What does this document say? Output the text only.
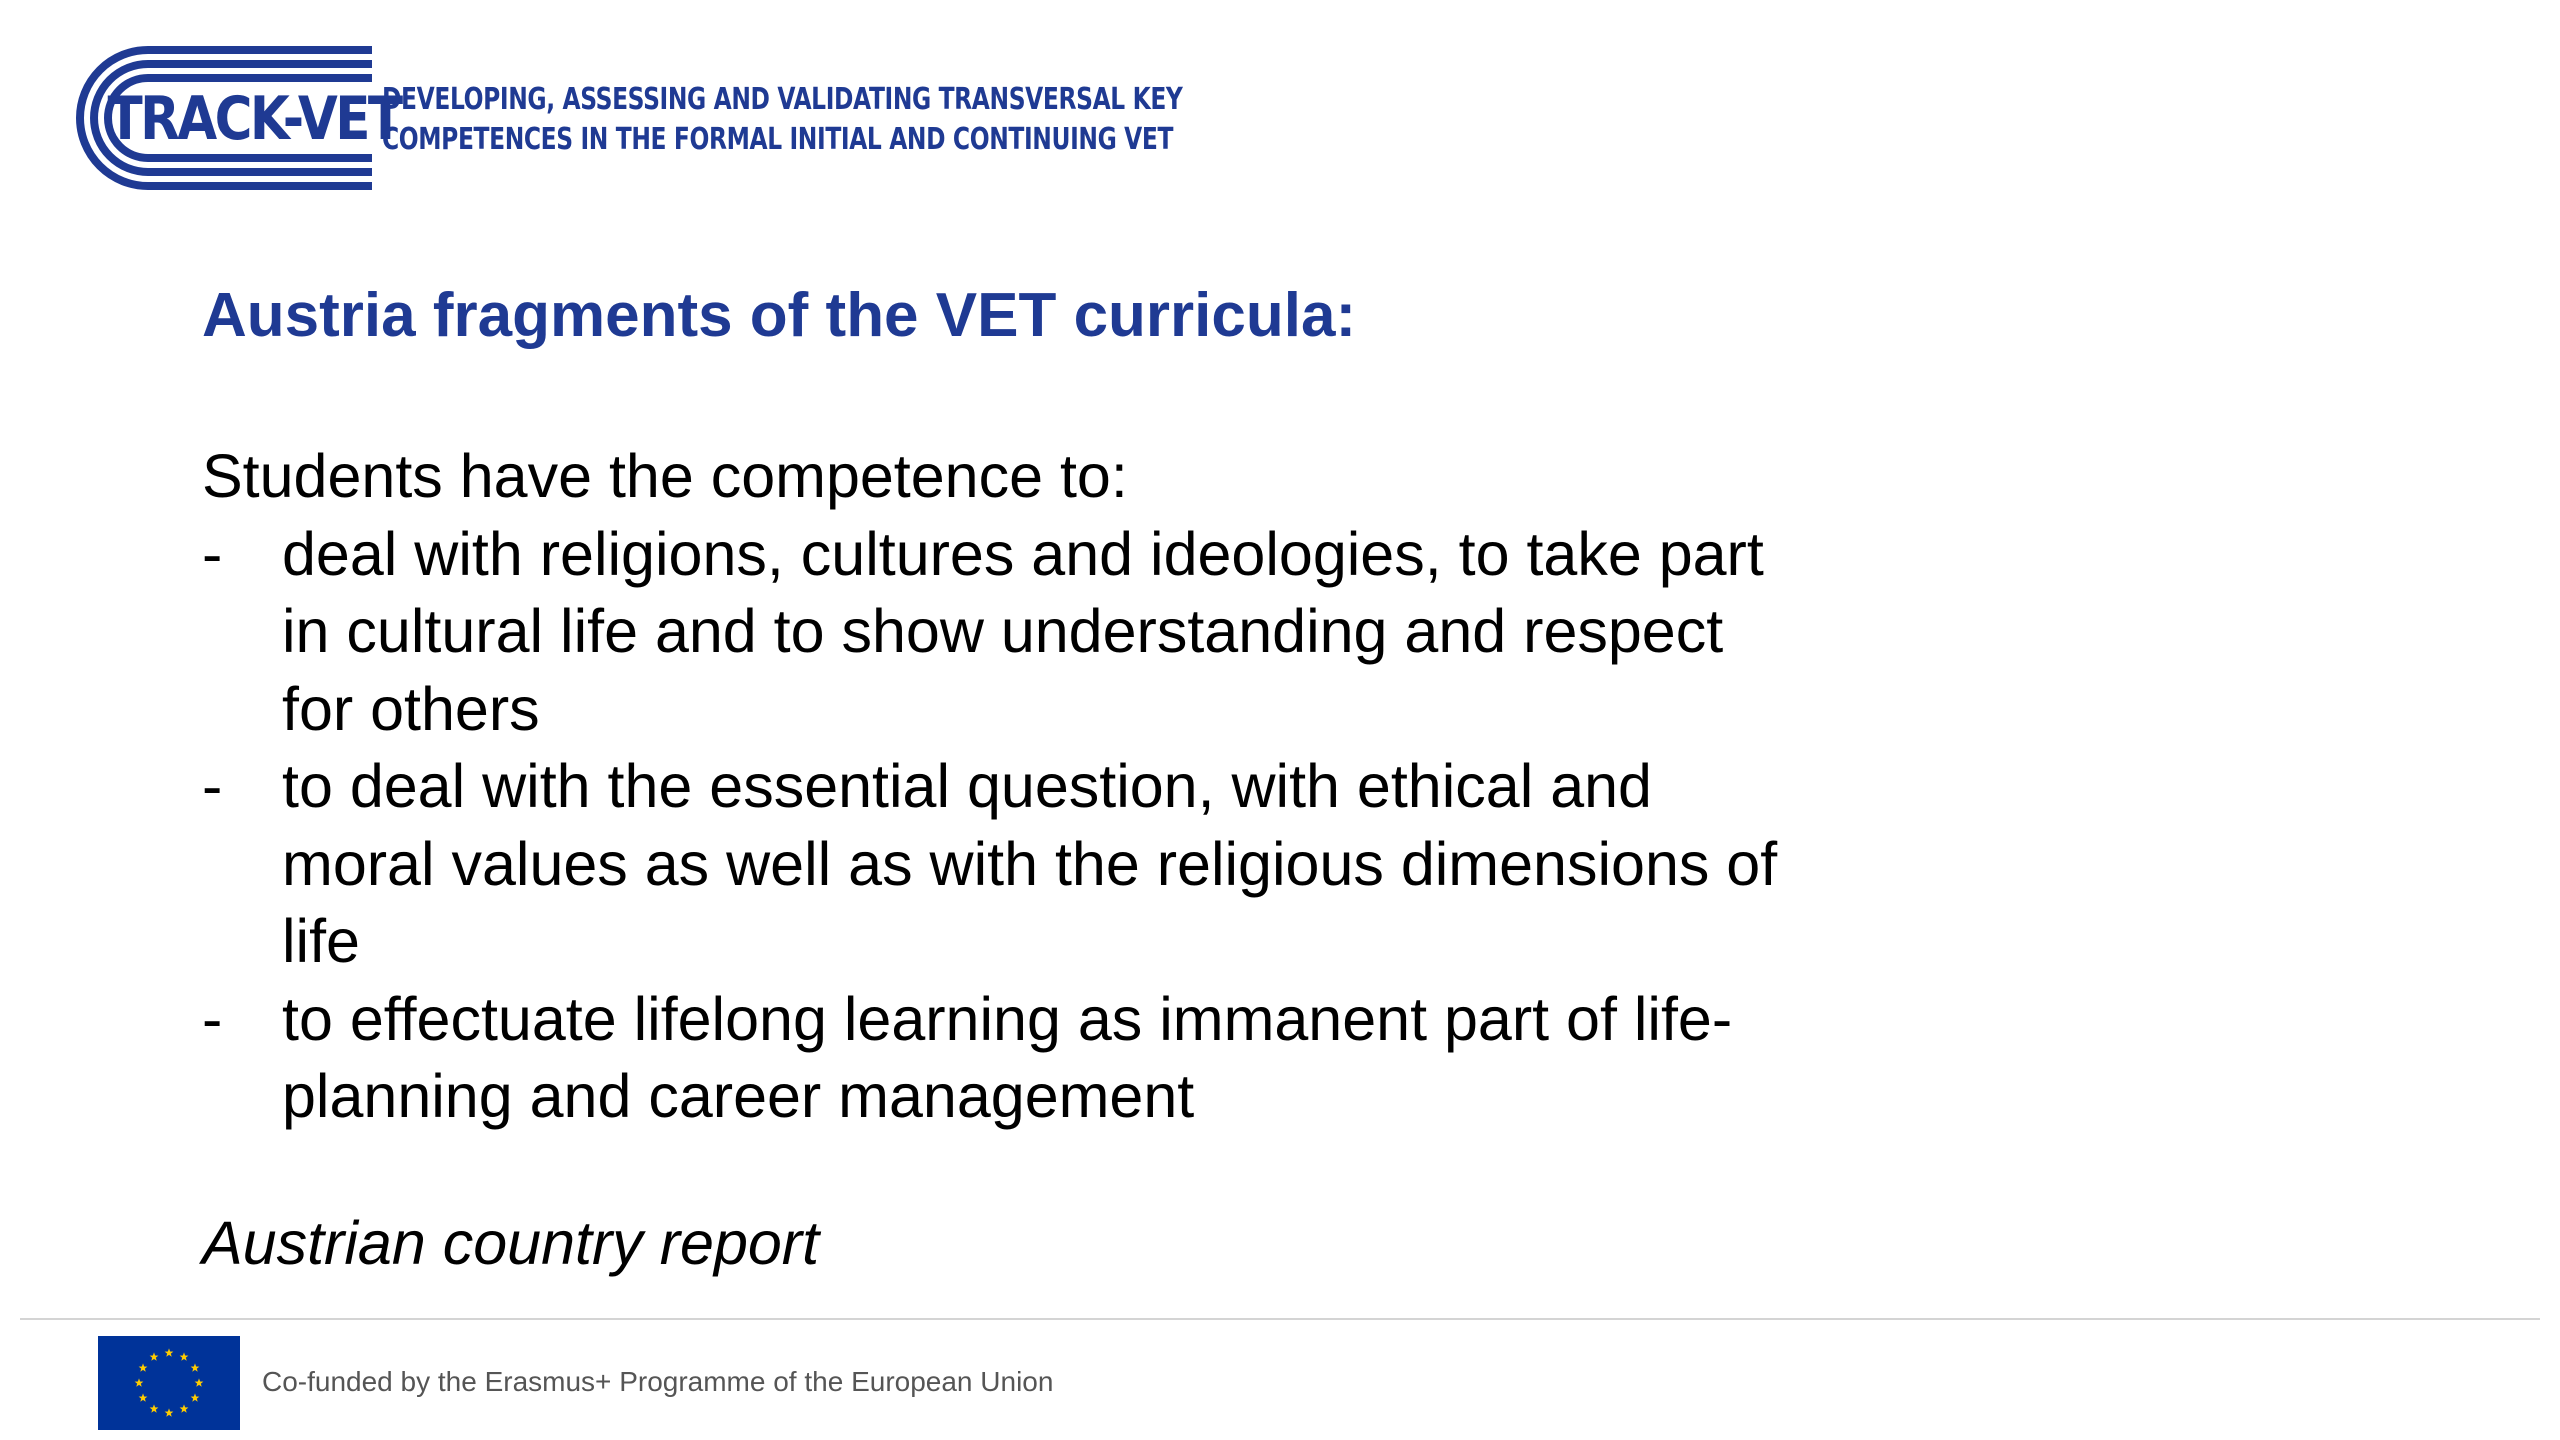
TRACK-VET
DEVELOPING, ASSESSING AND VALIDATING TRANSVERSAL KEY
COMPETENCES IN THE FORMAL INITIAL AND CONTINUING VET
Austria fragments of the VET curricula:
Students have the competence to:
- deal with religions, cultures and ideologies, to take part
in cultural life and to show understanding and respect
for others
- to deal with the essential question, with ethical and
moral values as well as with the religious dimensions of
life
- to effectuate lifelong learning as immanent part of life-
planning and career management
Austrian country report
Co-funded by the Erasmus+ Programme of the European Union
